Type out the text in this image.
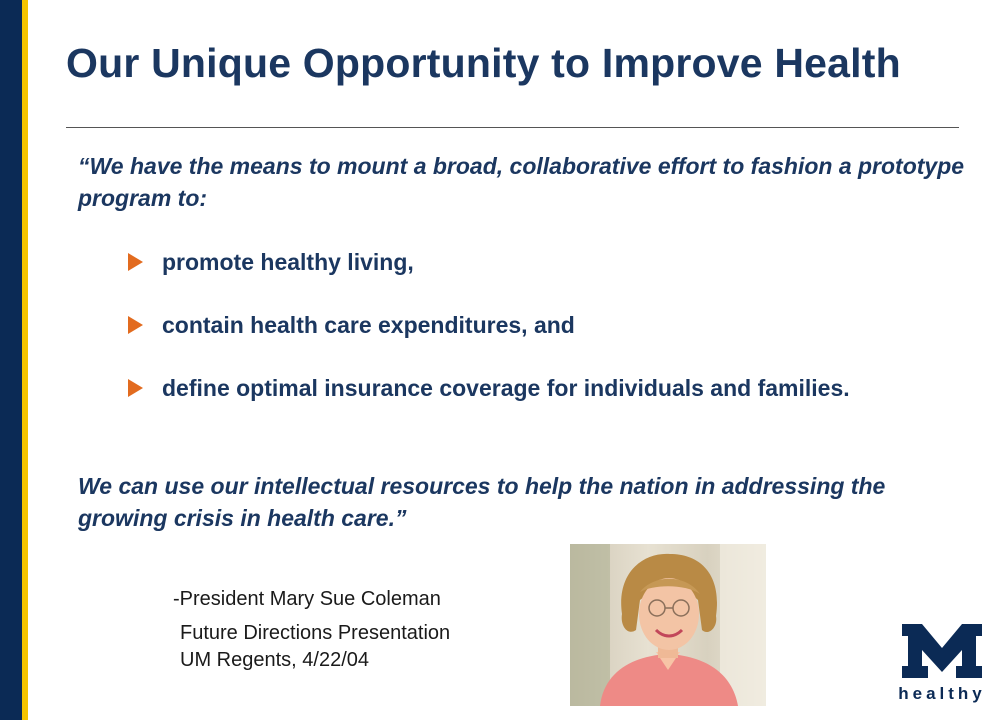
Our Unique Opportunity to Improve Health
“We have the means to mount a broad, collaborative effort to fashion a prototype program to:
promote healthy living,
contain health care expenditures, and
define optimal insurance coverage for individuals and families.
We can use our intellectual resources to help the nation in addressing the growing crisis in health care.”
-President Mary Sue Coleman
Future Directions Presentation
UM Regents, 4/22/04
healthy
